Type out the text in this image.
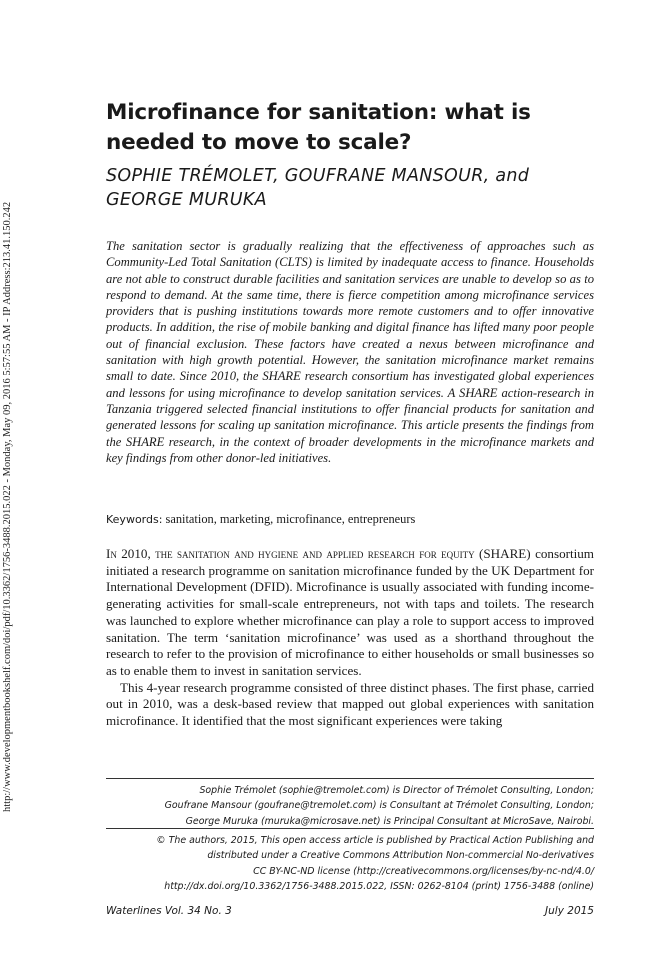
http://www.developmentbookshelf.com/doi/pdf/10.3362/1756-3488.2015.022 - Monday, May 09, 2016 5:57:55 AM - IP Address:213.41.150.242
Microfinance for sanitation: what is needed to move to scale?
SOPHIE TRÉMOLET, GOUFRANE MANSOUR, and GEORGE MURUKA
The sanitation sector is gradually realizing that the effectiveness of approaches such as Community-Led Total Sanitation (CLTS) is limited by inadequate access to finance. Households are not able to construct durable facilities and sanitation services are unable to develop so as to respond to demand. At the same time, there is fierce competition among microfinance services providers that is pushing institutions towards more remote customers and to offer innovative products. In addition, the rise of mobile banking and digital finance has lifted many poor people out of financial exclusion. These factors have created a nexus between microfinance and sanitation with high growth potential. However, the sanitation microfinance market remains small to date. Since 2010, the SHARE research consortium has investigated global experiences and lessons for using microfinance to develop sanitation services. A SHARE action-research in Tanzania triggered selected financial institutions to offer financial products for sanitation and generated lessons for scaling up sanitation microfinance. This article presents the findings from the SHARE research, in the context of broader developments in the microfinance markets and key findings from other donor-led initiatives.
Keywords: sanitation, marketing, microfinance, entrepreneurs

In 2010, the sanitation and hygiene and applied research for equity (SHARE) consortium initiated a research programme on sanitation microfinance funded by the UK Department for International Development (DFID). Microfinance is usually associated with funding income-generating activities for small-scale entrepreneurs, not with taps and toilets. The research was launched to explore whether microfinance can play a role to support access to improved sanitation. The term ‘sanitation microfinance’ was used as a shorthand throughout the research to refer to the provision of microfinance to either households or small businesses so as to enable them to invest in sanitation services.

This 4-year research programme consisted of three distinct phases. The first phase, carried out in 2010, was a desk-based review that mapped out global experiences with sanitation microfinance. It identified that the most significant experiences were taking

Sophie Trémolet (sophie@tremolet.com) is Director of Trémolet Consulting, London;
Goufrane Mansour (goufrane@tremolet.com) is Consultant at Trémolet Consulting, London;
George Muruka (muruka@microsave.net) is Principal Consultant at MicroSave, Nairobi.
© The authors, 2015, This open access article is published by Practical Action Publishing and
distributed under a Creative Commons Attribution Non-commercial No-derivatives
CC BY-NC-ND license (http://creativecommons.org/licenses/by-nc-nd/4.0/
http://dx.doi.org/10.3362/1756-3488.2015.022, ISSN: 0262-8104 (print) 1756-3488 (online)
Waterlines Vol. 34 No. 3	July 2015
